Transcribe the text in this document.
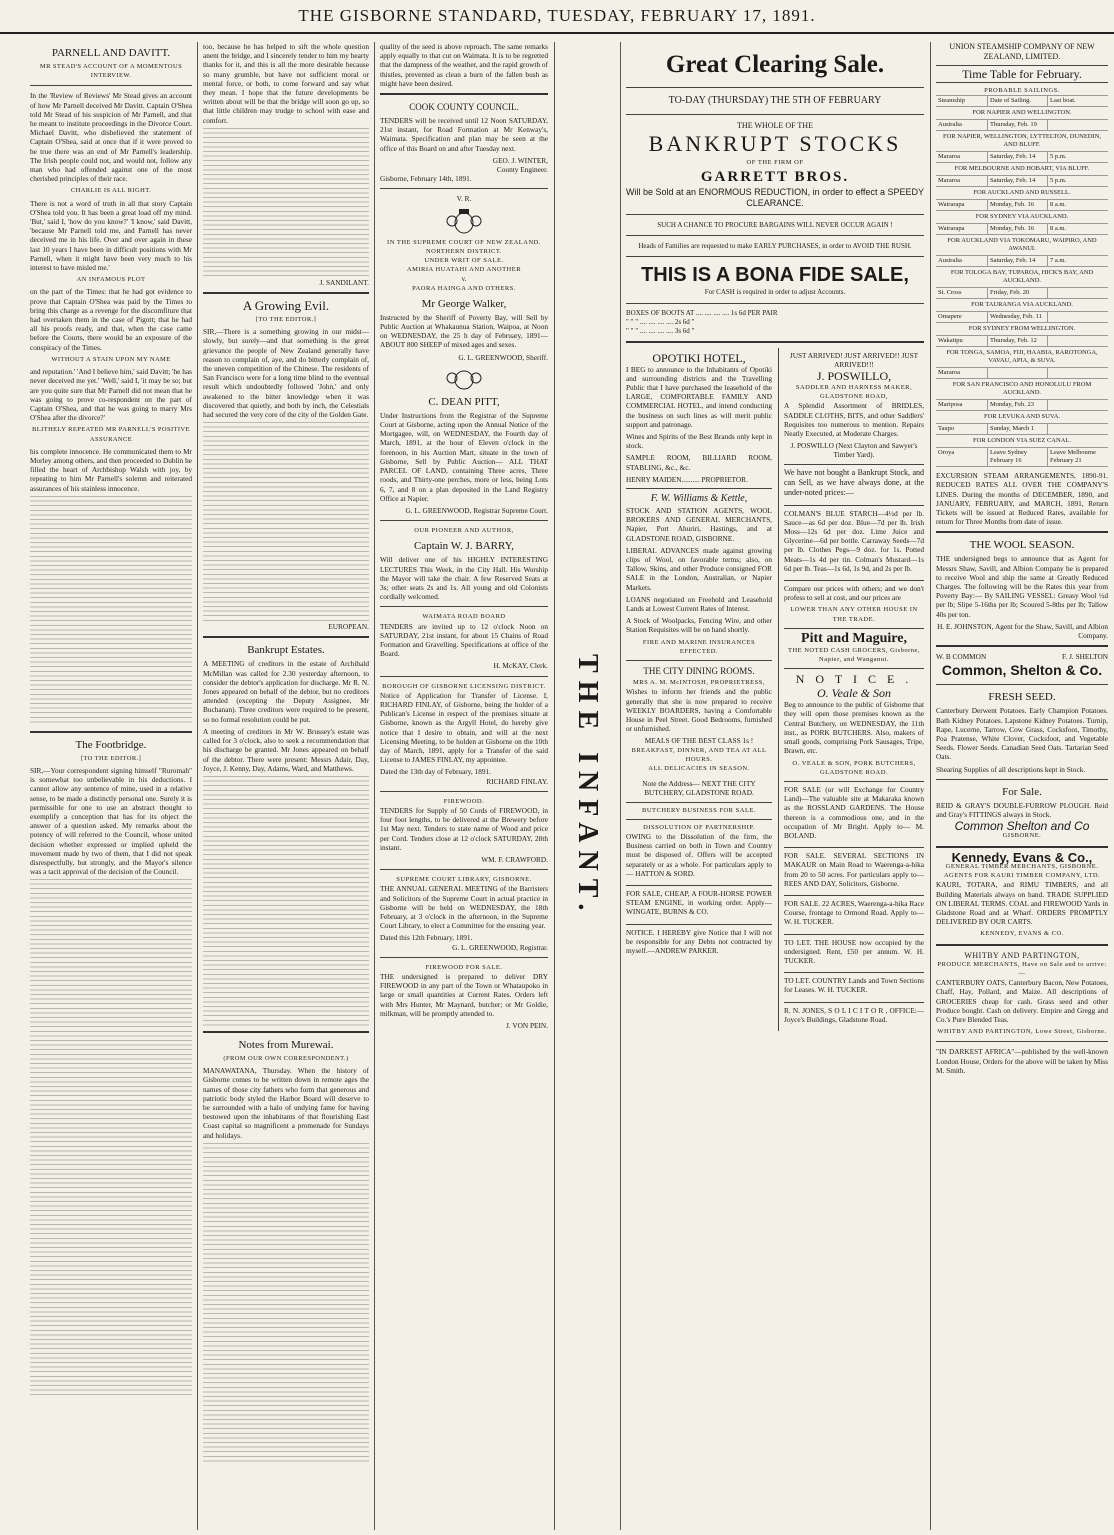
THE GISBORNE STANDARD, TUESDAY, FEBRUARY 17, 1891.
PARNELL AND DAVITT.
MR STEAD'S ACCOUNT OF A MOMENTOUS INTERVIEW.

In the 'Review of Reviews' Mr Stead gives an account of how Mr Parnell deceived Mr Davitt. Captain O'Shea told Mr Stead of his suspicion of Mr Parnell, and that he meant to institute proceedings in the Divorce Court. Michael Davitt, who disbelieved the statement of Captain O'Shea, said at once that if it were proved to be true there was an end of Mr Parnell's leadership. The Irish people could not, and would not, follow any man who had offended against one of the most cherished principles of their race.

CHARLIE IS ALL RIGHT.

There is not a word of truth in all that story Captain O'Shea told you. It has been a great load off my mind. 'But,' said I, 'how do you know?' 'I know,' said Davitt, 'because Mr Parnell told me, and Parnell has never deceived me in his life. Over and over again in these last 10 years I have been in difficult positions with Mr Parnell, when it might have been very much to his interest to have misled me.'

AN INFAMOUS PLOT

on the part of the Times: that he had got evidence to prove that Captain O'Shea was paid by the Times to bring this charge as a revenge for the discomfiture that had overtaken them in the case of Pigott; that he had all his proofs ready, and that, when the case came before the Courts, there would be an exposure of the conspiracy of the Times.

WITHOUT A STAIN UPON MY NAME

and reputation.' 'And I believe him,' said Davitt; 'he has never deceived me yet.' 'Well,' said I, 'it may be so; but are you quite sure that Mr Parnell did not mean that he was going to prove co-respondent on the part of Captain O'Shea, and that he was going to marry Mrs O'Shea after the divorce?'

BLITHELY REPEATED MR PARNELL'S POSITIVE ASSURANCE

his complete innocence. He communicated them to Mr Morley among others, and then proceeded to Dublin he filled the heart of Archbishop Walsh with joy, by repeating to him Mr Parnell's solemn and reiterated assurances of his stainless innocence.

The Footbridge.
[TO THE EDITOR.]

SIR,—Your correspondent signing himself "Ruromah" is somewhat too unbelievable in his deductions. I cannot allow any sentence of mine, used in a relative sense, to be made a distinctly personal one. Surely it is permissible for one to use an abstract thought to exemplify a conception that has for its object the answer of a question asked. My remarks about the potency of will referred to the Council, whose united decision whether expressed or implied upheld the movement made by two of them, that I did not speak disrespectfully, but strongly, and the Mayor's silence was a tacit approval of the decision of the Council.

too, because he has helped to sift the whole question anent the bridge, and I sincerely tender to him my hearty thanks for it, and this is all the more desirable because so many grumble, but have not sufficient moral or mental force, or both, to come forward and say what they mean. I hope that the future developments be written about will be that the bridge will soon go up, so that little children may trudge to school with ease and comfort.

J. SANDILANT.
A Growing Evil.
[TO THE EDITOR.]

SIR,—There is a something growing in our midst—slowly, but surely—and that something is the great grievance the people of New Zealand generally have reason to complain of, aye, and do bitterly complain of, the uneven competition of the Chinese. The residents of San Francisco were for a long time blind to the eventual result which undoubtedly followed 'John,' and only awakened to the bitter knowledge when it was discovered that quietly, and both by inch, the Celestials had secured the very core of the city of the Golden Gate.

EUROPEAN.
Bankrupt Estates.

A MEETING of creditors in the estate of Archibald McMillan was called for 2.30 yesterday afternoon, to consider the debtor's application for discharge. Mr R. N. Jones appeared on behalf of the debtor, but no creditors attended (excepting the Deputy Assignee, Mr Buchanan). Three creditors were required to be present, so no formal resolution could be put.

A meeting of creditors in Mr W. Brussey's estate was called for 3 o'clock, also to seek a recommendation that his discharge be granted. Mr Jones appeared on behalf of the debtor. There were present: Messrs Adair, Day, Joyce, J. Kenny, Day, Adams, Ward, and Matthews.

Notes from Murewai.
(FROM OUR OWN CORRESPONDENT.)

MANAWATANA, Thursday. When the history of Gisborne comes to be written down in remote ages the names of those city fathers who form that generous and patriotic body styled the Harbor Board will deserve to be surrounded with a halo of undying fame for having bestowed upon the inhabitants of that flourishing East Coast capital so magnificent a promenade for Sundays and holidays.

quality of the seed is above reproach. The same remarks apply equally to that cut on Waimata. It is to be regretted that the dampness of the weather, and the rapid growth of thistles, prevented as clean a burn of the fallen bush as might have been desired.

COOK COUNTY COUNCIL.

TENDERS will be received until 12 Noon SATURDAY, 21st instant, for Road Formation at Mr Kenway's, Waimata. Specification and plan may be seen at the office of this Board on and after Tuesday next.

GEO. J. WINTER,
County Engineer.
Gisborne, February 14th, 1891.
V. R.
IN THE SUPREME COURT OF NEW ZEALAND.
NORTHERN DISTRICT.
UNDER WRIT OF SALE.
AMIRIA HUATAHI AND ANOTHER
v.
PAORA HAINGA AND OTHERS.
Mr George Walker,

Instructed by the Sheriff of Poverty Bay, will Sell by Public Auction at Whakaunua Station, Waipoa, at Noon on WEDNESDAY, the 25 h day of February, 1891— ABOUT 800 SHEEP of mixed ages and sexes.

G. L. GREENWOOD, Sheriff.
C. DEAN PITT,

Under Instructions from the Registrar of the Supreme Court at Gisborne, acting upon the Annual Notice of the Mortgagee, will, on WEDNESDAY, the Fourth day of March, 1891, at the hour of Eleven o'clock in the forenoon, in his Auction Mart, situate in the town of Gisborne, Sell by Public Auction— ALL THAT PARCEL OF LAND, containing Three acres, Three roods, and Thirty-one perches, more or less, being Lots 6, 7, and 8 on a plan deposited in the Land Registry Office at Napier.

G. L. GREENWOOD, Registrar Supreme Court.
OUR PIONEER AND AUTHOR,
Captain W. J. BARRY,

Will deliver one of his HIGHLY INTERESTING LECTURES This Week, in the City Hall. His Worship the Mayor will take the chair. A few Reserved Seats at 3s; other seats 2s and 1s. All young and old Colonists cordially welcomed.

WAIMATA ROAD BOARD

TENDERS are invited up to 12 o'clock Noon on SATURDAY, 21st instant, for about 15 Chains of Road Formation and Gravelling. Specifications at office of the Board.

H. McKAY, Clerk.
BOROUGH OF GISBORNE LICENSING DISTRICT.

Notice of Application for Transfer of License. I, RICHARD FINLAY, of Gisborne, being the holder of a Publican's License in respect of the premises situate at Gisborne, known as the Argyll Hotel, do hereby give notice that I desire to obtain, and will at the next Licensing Meeting, to be holden at Gisborne on the 10th day of March, 1891, apply for a Transfer of the said License to JAMES FINLAY, my appointee.

Dated the 13th day of February, 1891.
RICHARD FINLAY.
FIREWOOD.

TENDERS for Supply of 50 Cords of FIREWOOD, in four foot lengths, to be delivered at the Brewery before 1st May next. Tenders to state name of Wood and price per Cord. Tenders close at 12 o'clock SATURDAY, 28th instant.

WM. F. CRAWFORD.
SUPREME COURT LIBRARY, GISBORNE.

THE ANNUAL GENERAL MEETING of the Barristers and Solicitors of the Supreme Court in actual practice in Gisborne will be held on WEDNESDAY, the 18th February, at 3 o'clock in the afternoon, in the Supreme Court Library, to elect a Committee for the ensuing year.

Dated this 12th February, 1891.
G. L. GREENWOOD, Registrar.
FIREWOOD FOR SALE.

THE undersigned is prepared to deliver DRY FIREWOOD in any part of the Town or Whataupoko in large or small quantities at Current Rates. Orders left with Mrs Hunter, Mr Maynard, butcher; or Mr Goldie, milkman, will be promptly attended to.

J. VON PEIN.
THE INFANT.
Great Clearing Sale.
TO-DAY (THURSDAY) THE 5TH OF FEBRUARY
THE WHOLE OF THE
BANKRUPT STOCKS
OF THE FIRM OF
GARRETT BROS.
Will be Sold at an ENORMOUS REDUCTION, in order to effect a SPEEDY CLEARANCE.
SUCH A CHANCE TO PROCURE BARGAINS WILL NEVER OCCUR AGAIN !
Heads of Families are requested to make EARLY PURCHASES, in order to AVOID THE RUSH.
THIS IS A BONA FIDE SALE,
For CASH is required in order to adjust Accounts.
BOXES OF BOOTS AT .... .... .... .... 1s 6d PER PAIR
" " " .... .... .... .... 2s 6d "
" " " .... .... .... .... 3s 6d "
OPOTIKI HOTEL,

I BEG to announce to the Inhabitants of Opotiki and surrounding districts and the Travelling Public that I have purchased the leasehold of the LARGE, COMFORTABLE FAMILY AND COMMERCIAL HOTEL, and intend conducting the business on such lines as will merit public support and patronage.

Wines and Spirits of the Best Brands only kept in stock.

SAMPLE ROOM, BILLIARD ROOM, STABLING, &c., &c.

HENRY MAIDEN.......... PROPRIETOR.
F. W. Williams & Kettle,

STOCK AND STATION AGENTS, WOOL BROKERS AND GENERAL MERCHANTS, Napier, Port Ahuriri, Hastings, and at GLADSTONE ROAD, GISBORNE.

LIBERAL ADVANCES made against growing clips of Wool, on favorable terms; also, on Tallow, Skins, and other Produce consigned FOR SALE in the London, Australian, or Napier Markets.

LOANS negotiated on Freehold and Leasehold Lands at Lowest Current Rates of Interest.

A Stock of Woolpacks, Fencing Wire, and other Station Requisites will be on hand shortly.

FIRE AND MARINE INSURANCES EFFECTED.
THE CITY DINING ROOMS.
MRS A. M. McINTOSH, PROPRIETRESS,

Wishes to inform her friends and the public generally that she is now prepared to receive WEEKLY BOARDERS, having a Comfortable House in Peel Street. Good Bedrooms, furnished or unfurnished.

MEALS OF THE BEST CLASS 1s !
BREAKFAST, DINNER, AND TEA AT ALL HOURS.
ALL DELICACIES IN SEASON.
Note the Address— NEXT THE CITY BUTCHERY, GLADSTONE ROAD.
BUTCHERY BUSINESS FOR SALE.
DISSOLUTION OF PARTNERSHIP.

OWING to the Dissolution of the firm, the Business carried on both in Town and Country must be disposed of. Offers will be accepted separately or as a whole. For particulars apply to— HATTON & SORD.

FOR SALE, CHEAP, A FOUR-HORSE POWER STEAM ENGINE, in working order. Apply— WINGATE, BURNS & CO.

NOTICE. I HEREBY give Notice that I will not be responsible for any Debts not contracted by myself.—ANDREW PARKER.

JUST ARRIVED! JUST ARRIVED!! JUST ARRIVED!!!
J. POSWILLO,
SADDLER AND HARNESS MAKER, GLADSTONE ROAD,

A Splendid Assortment of BRIDLES, SADDLE CLOTHS, BITS, and other Saddlers' Requisites too numerous to mention. Repairs Neatly Executed, at Moderate Charges.

J. POSWILLO (Next Clayton and Sawyer's Timber Yard).

We have not bought a Bankrupt Stock, and can Sell, as we have always done, at the under-noted prices:—

COLMAN'S BLUE STARCH—4½d per lb. Sauce—as 6d per doz. Blue—7d per lb. Irish Moss—12s 6d per doz. Lime Juice and Glycerine—6d per bottle. Carraway Seeds—7d per lb. Clothes Pegs—9 doz. for 1s. Potted Meats—1s 4d per tin. Colman's Mustard—1s 6d per lb. Teas—1s 6d, 1s 9d, and 2s per lb.

Compare our prices with others; and we don't profess to sell at cost, and our prices are

LOWER THAN ANY OTHER HOUSE IN THE TRADE.
Pitt and Maguire,
THE NOTED CASH GROCERS, Gisborne, Napier, and Wanganui.
N O T I C E .
O. Veale & Son

Beg to announce to the public of Gisborne that they will open those premises known as the Central Butchery, on WEDNESDAY, the 11th inst., as PORK BUTCHERS. Also, makers of small goods, comprising Pork Sausages, Tripe, Brawn, etc.

O. VEALE & SON, PORK BUTCHERS, GLADSTONE ROAD.

FOR SALE (or will Exchange for Country Land)—The valuable site at Makaraka known as the ROSSLAND GARDENS. The House thereon is a commodious one, and in the occupation of Mr Bright. Apply to— M. BOLAND.

FOR SALE. SEVERAL SECTIONS IN MAKAUR on Main Road to Waerenga-a-hika from 20 to 50 acres. For particulars apply to— REES AND DAY, Solicitors, Gisborne.

FOR SALE. 22 ACRES, Waerenga-a-hika Race Course, frontage to Ormond Road. Apply to— W. H. TUCKER.

TO LET. THE HOUSE now occupied by the undersigned. Rent, £50 per annum. W. H. TUCKER.

TO LET. COUNTRY Lands and Town Sections for Leases. W. H. TUCKER.

R. N. JONES, S O L I C I T O R , OFFICE:—Joyce's Buildings, Gladstone Road.

UNION STEAMSHIP COMPANY OF NEW ZEALAND, LIMITED.
Time Table for February.
PROBABLE SAILINGS.
Steamship	Date of Sailing.	Last boat.
FOR NAPIER AND WELLINGTON.
Australia	Thursday, Feb. 19
FOR NAPIER, WELLINGTON, LYTTELTON, DUNEDIN, AND BLUFF.
Mararoa	Saturday, Feb. 14	5 p.m.
FOR MELBOURNE AND HOBART, VIA BLUFF.
Mararoa	Saturday, Feb. 14	5 p.m.
FOR AUCKLAND AND RUSSELL.
Wairarapa	Monday, Feb. 16	8 a.m.
FOR SYDNEY VIA AUCKLAND.
Wairarapa	Monday, Feb. 16	8 a.m.
FOR AUCKLAND VIA TOKOMARU, WAIPIRO, AND AWANUI.
Australia	Saturday, Feb. 14	7 a.m.
FOR TOLOGA BAY, TUPAROA, HICK'S BAY, AND AUCKLAND.
St. Cross	Friday, Feb. 20
FOR TAURANGA VIA AUCKLAND.
Omapere	Wednesday, Feb. 11
FOR SYDNEY FROM WELLINGTON.
Wakatipu	Thursday, Feb. 12
FOR TONGA, SAMOA, FIJI, HAABIA, RAROTONGA, VAVAU, APIA, & SUVA.
Mararoa
FOR SAN FRANCISCO AND HONOLULU FROM AUCKLAND.
Mariposa	Monday, Feb. 23
FOR LEVUKA AND SUVA.
Taupo	Sunday, March 1
FOR LONDON VIA SUEZ CANAL.
Oroya	Leave Sydney February 16
Leave Melbourne February 21

EXCURSION STEAM ARRANGEMENTS, 1890-91. REDUCED RATES ALL OVER THE COMPANY'S LINES. During the months of DECEMBER, 1890, and JANUARY, FEBRUARY, and MARCH, 1891, Return Tickets will be issued at Reduced Rates, available for return for Three Months from date of issue.

THE WOOL SEASON.

THE undersigned begs to announce that as Agent for Messrs Shaw, Savill, and Albion Company he is prepared to receive Wool and ship the same at Greatly Reduced Charges. The following will be the Rates this year from Poverty Bay:— By SAILING VESSEL: Greasy Wool ½d per lb; Slipe 5-16ths per lb; Scoured 5-8ths per lb; Tallow 40s per ton.

H. E. JOHNSTON, Agent for the Shaw, Savill, and Albion Company.
W. B COMMON	F. J. SHELTON
Common, Shelton & Co.
FRESH SEED.

Canterbury Derwent Potatoes. Early Champion Potatoes. Bath Kidney Potatoes. Lapstone Kidney Potatoes. Turnip, Rape, Lucerne, Tarrow, Cow Grass, Cocksfoot, Timothy, Poa Pratense, White Clover, Cocksfoot, and Vegetable Seeds. Flower Seeds. Canadian Seed Oats. Tartarian Seed Oats.

Shearing Supplies of all descriptions kept in Stock.

For Sale.

REID & GRAY'S DOUBLE-FURROW PLOUGH. Reid and Gray's FITTINGS always in Stock.

Common Shelton and Co
GISBORNE.
Kennedy, Evans & Co.,
GENERAL TIMBER MERCHANTS, GISBORNE. AGENTS FOR KAURI TIMBER COMPANY, LTD.

KAURI, TOTARA, and RIMU TIMBERS, and all Building Materials always on hand. TRADE SUPPLIED ON LIBERAL TERMS. COAL and FIREWOOD Yards in Gladstone Road and at Wharf. ORDERS PROMPTLY DELIVERED BY OUR CARTS.

KENNEDY, EVANS & CO.
WHITBY AND PARTINGTON,
PRODUCE MERCHANTS, Have on Sale and to arrive:—

CANTERBURY OATS, Canterbury Bacon, New Potatoes, Chaff, Hay, Pollard, and Maize. All descriptions of GROCERIES cheap for cash. Grass seed and other Produce bought. Cash on delivery. Empire and Gregg and Co.'s Pure Blended Teas.

WHITBY AND PARTINGTON, Lowe Street, Gisborne.

"IN DARKEST AFRICA"—published by the well-known London House, Orders for the above will be taken by Miss M. Smith.
